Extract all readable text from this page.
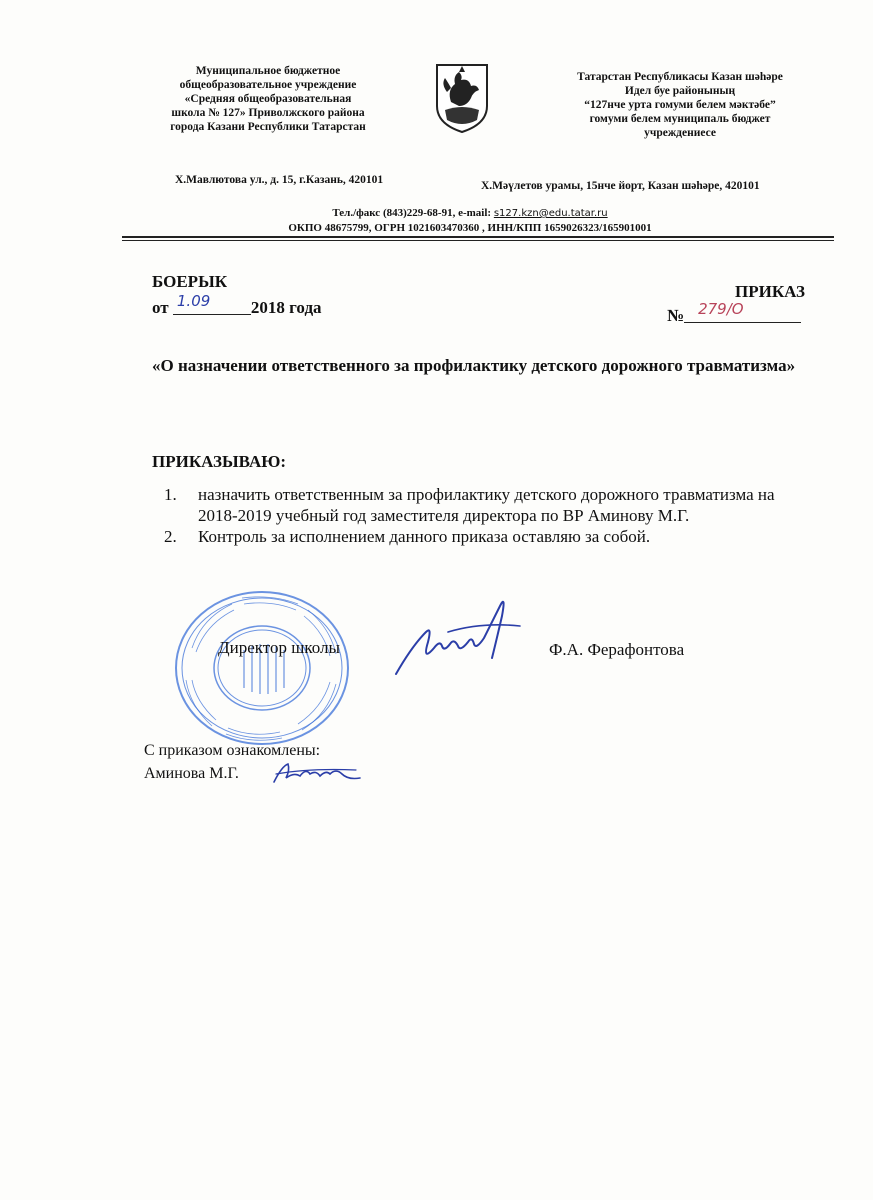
Муниципальное бюджетное
общеобразовательное учреждение
«Средняя общеобразовательная
школа № 127» Приволжского района
города Казани Республики Татарстан
Татарстан Республикасы Казан шәһәре
Идел буе районының
“127нче урта гомуми белем мәктәбе”
гомуми белем муниципаль бюджет
учреждениесе
Х.Мавлютова ул., д. 15, г.Казань, 420101	Х.Мәүлетов урамы, 15нче йорт, Казан шәһәре, 420101
Тел./факс (843)229-68-91, e-mail: s127.kzn@edu.tatar.ru
ОКПО 48675799, ОГРН 1021603470360 , ИНН/КПП 1659026323/165901001
БОЕРЫК
от 1.09 2018 года
ПРИКАЗ
№ 279/О
«О назначении ответственного за профилактику детского дорожного травматизма»
ПРИКАЗЫВАЮ:
1. назначить ответственным за профилактику детского дорожного травматизма на 2018-2019 учебный год заместителя директора по ВР Аминову М.Г.
2. Контроль за исполнением данного приказа оставляю за собой.
Директор школы	Ф.А. Ферафонтова
С приказом ознакомлены:
Аминова М.Г.
